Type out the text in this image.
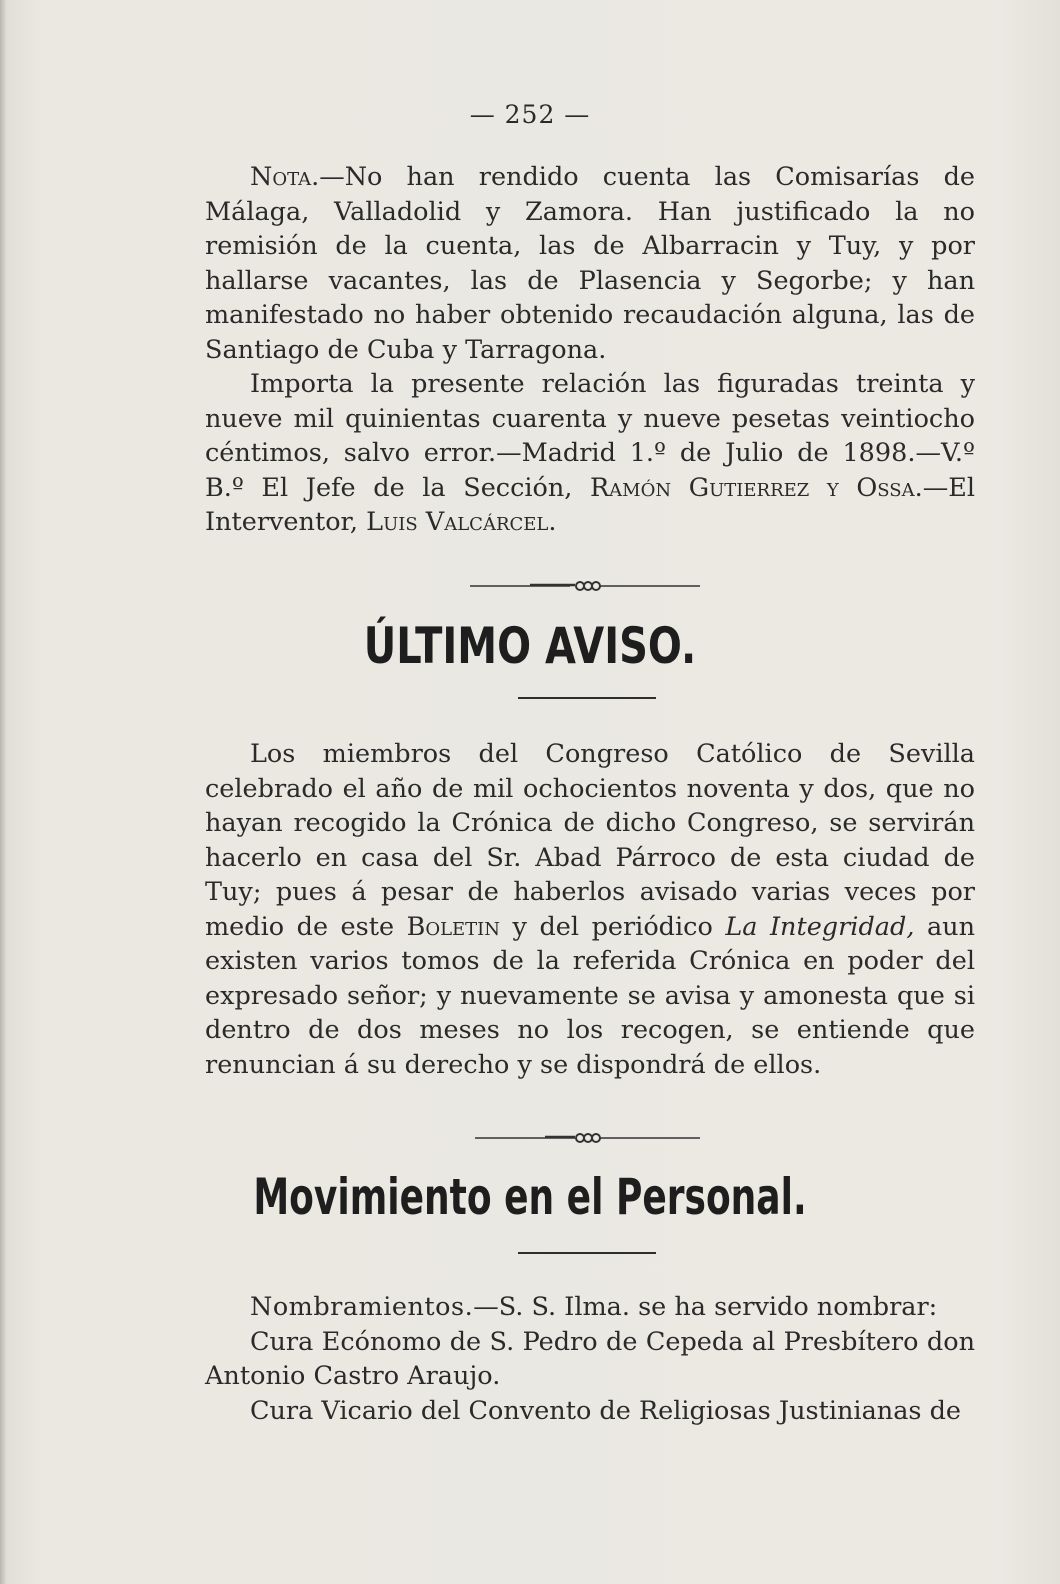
— 252 —

Nota.—No han rendido cuenta las Comisarías de Málaga, Valladolid y Zamora. Han justificado la no remisión de la cuenta, las de Albarracin y Tuy, y por hallarse vacantes, las de Plasencia y Segorbe; y han manifestado no haber obtenido recaudación alguna, las de Santiago de Cuba y Tarragona.

Importa la presente relación las figuradas treinta y nueve mil quinientas cuarenta y nueve pesetas veintiocho céntimos, salvo error.—Madrid 1.º de Julio de 1898.—V.º B.º El Jefe de la Sección, Ramón Gutierrez y Ossa.—El Interventor, Luis Valcárcel.

ÚLTIMO AVISO.

Los miembros del Congreso Católico de Sevilla celebrado el año de mil ochocientos noventa y dos, que no hayan recogido la Crónica de dicho Congreso, se servirán hacerlo en casa del Sr. Abad Párroco de esta ciudad de Tuy; pues á pesar de haberlos avisado varias veces por medio de este Boletin y del periódico La Integridad, aun existen varios tomos de la referida Crónica en poder del expresado señor; y nuevamente se avisa y amonesta que si dentro de dos meses no los recogen, se entiende que renuncian á su derecho y se dispondrá de ellos.

Movimiento en el Personal.

Nombramientos.—S. S. Ilma. se ha servido nombrar:

Cura Ecónomo de S. Pedro de Cepeda al Presbítero don Antonio Castro Araujo.

Cura Vicario del Convento de Religiosas Justinianas de
